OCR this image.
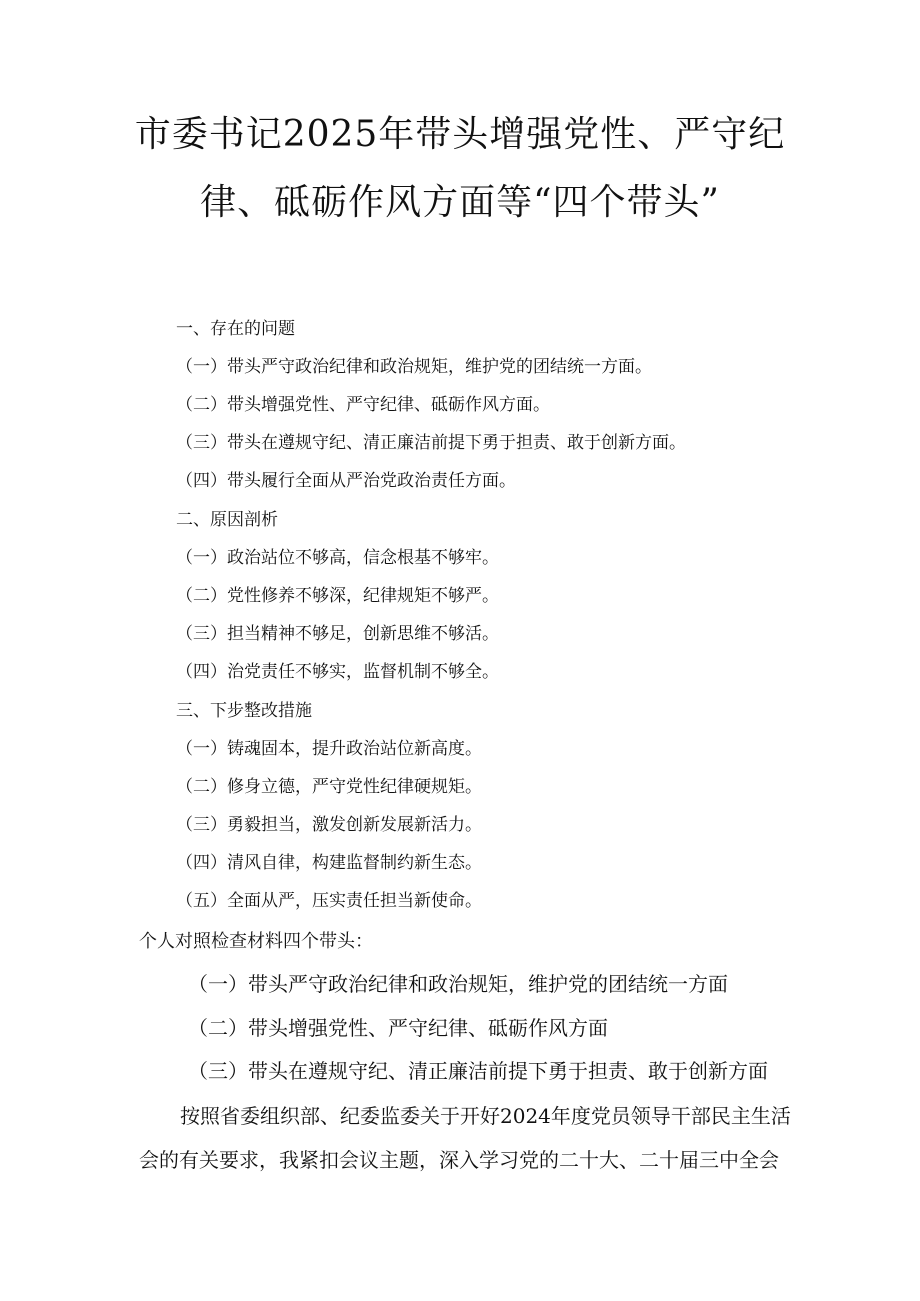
市委书记2025年带头增强党性、严守纪
律、砥砺作风方面等“四个带头”
一、存在的问题
（一）带头严守政治纪律和政治规矩，维护党的团结统一方面。
（二）带头增强党性、严守纪律、砥砺作风方面。
（三）带头在遵规守纪、清正廉洁前提下勇于担责、敢于创新方面。
（四）带头履行全面从严治党政治责任方面。
二、原因剖析
（一）政治站位不够高，信念根基不够牢。
（二）党性修养不够深，纪律规矩不够严。
（三）担当精神不够足，创新思维不够活。
（四）治党责任不够实，监督机制不够全。
三、下步整改措施
（一）铸魂固本，提升政治站位新高度。
（二）修身立德，严守党性纪律硬规矩。
（三）勇毅担当，激发创新发展新活力。
（四）清风自律，构建监督制约新生态。
（五）全面从严，压实责任担当新使命。
个人对照检查材料四个带头：
（一）带头严守政治纪律和政治规矩，维护党的团结统一方面
（二）带头增强党性、严守纪律、砥砺作风方面
（三）带头在遵规守纪、清正廉洁前提下勇于担责、敢于创新方面
按照省委组织部、纪委监委关于开好2024年度党员领导干部民主生活
会的有关要求，我紧扣会议主题，深入学习党的二十大、二十届三中全会
